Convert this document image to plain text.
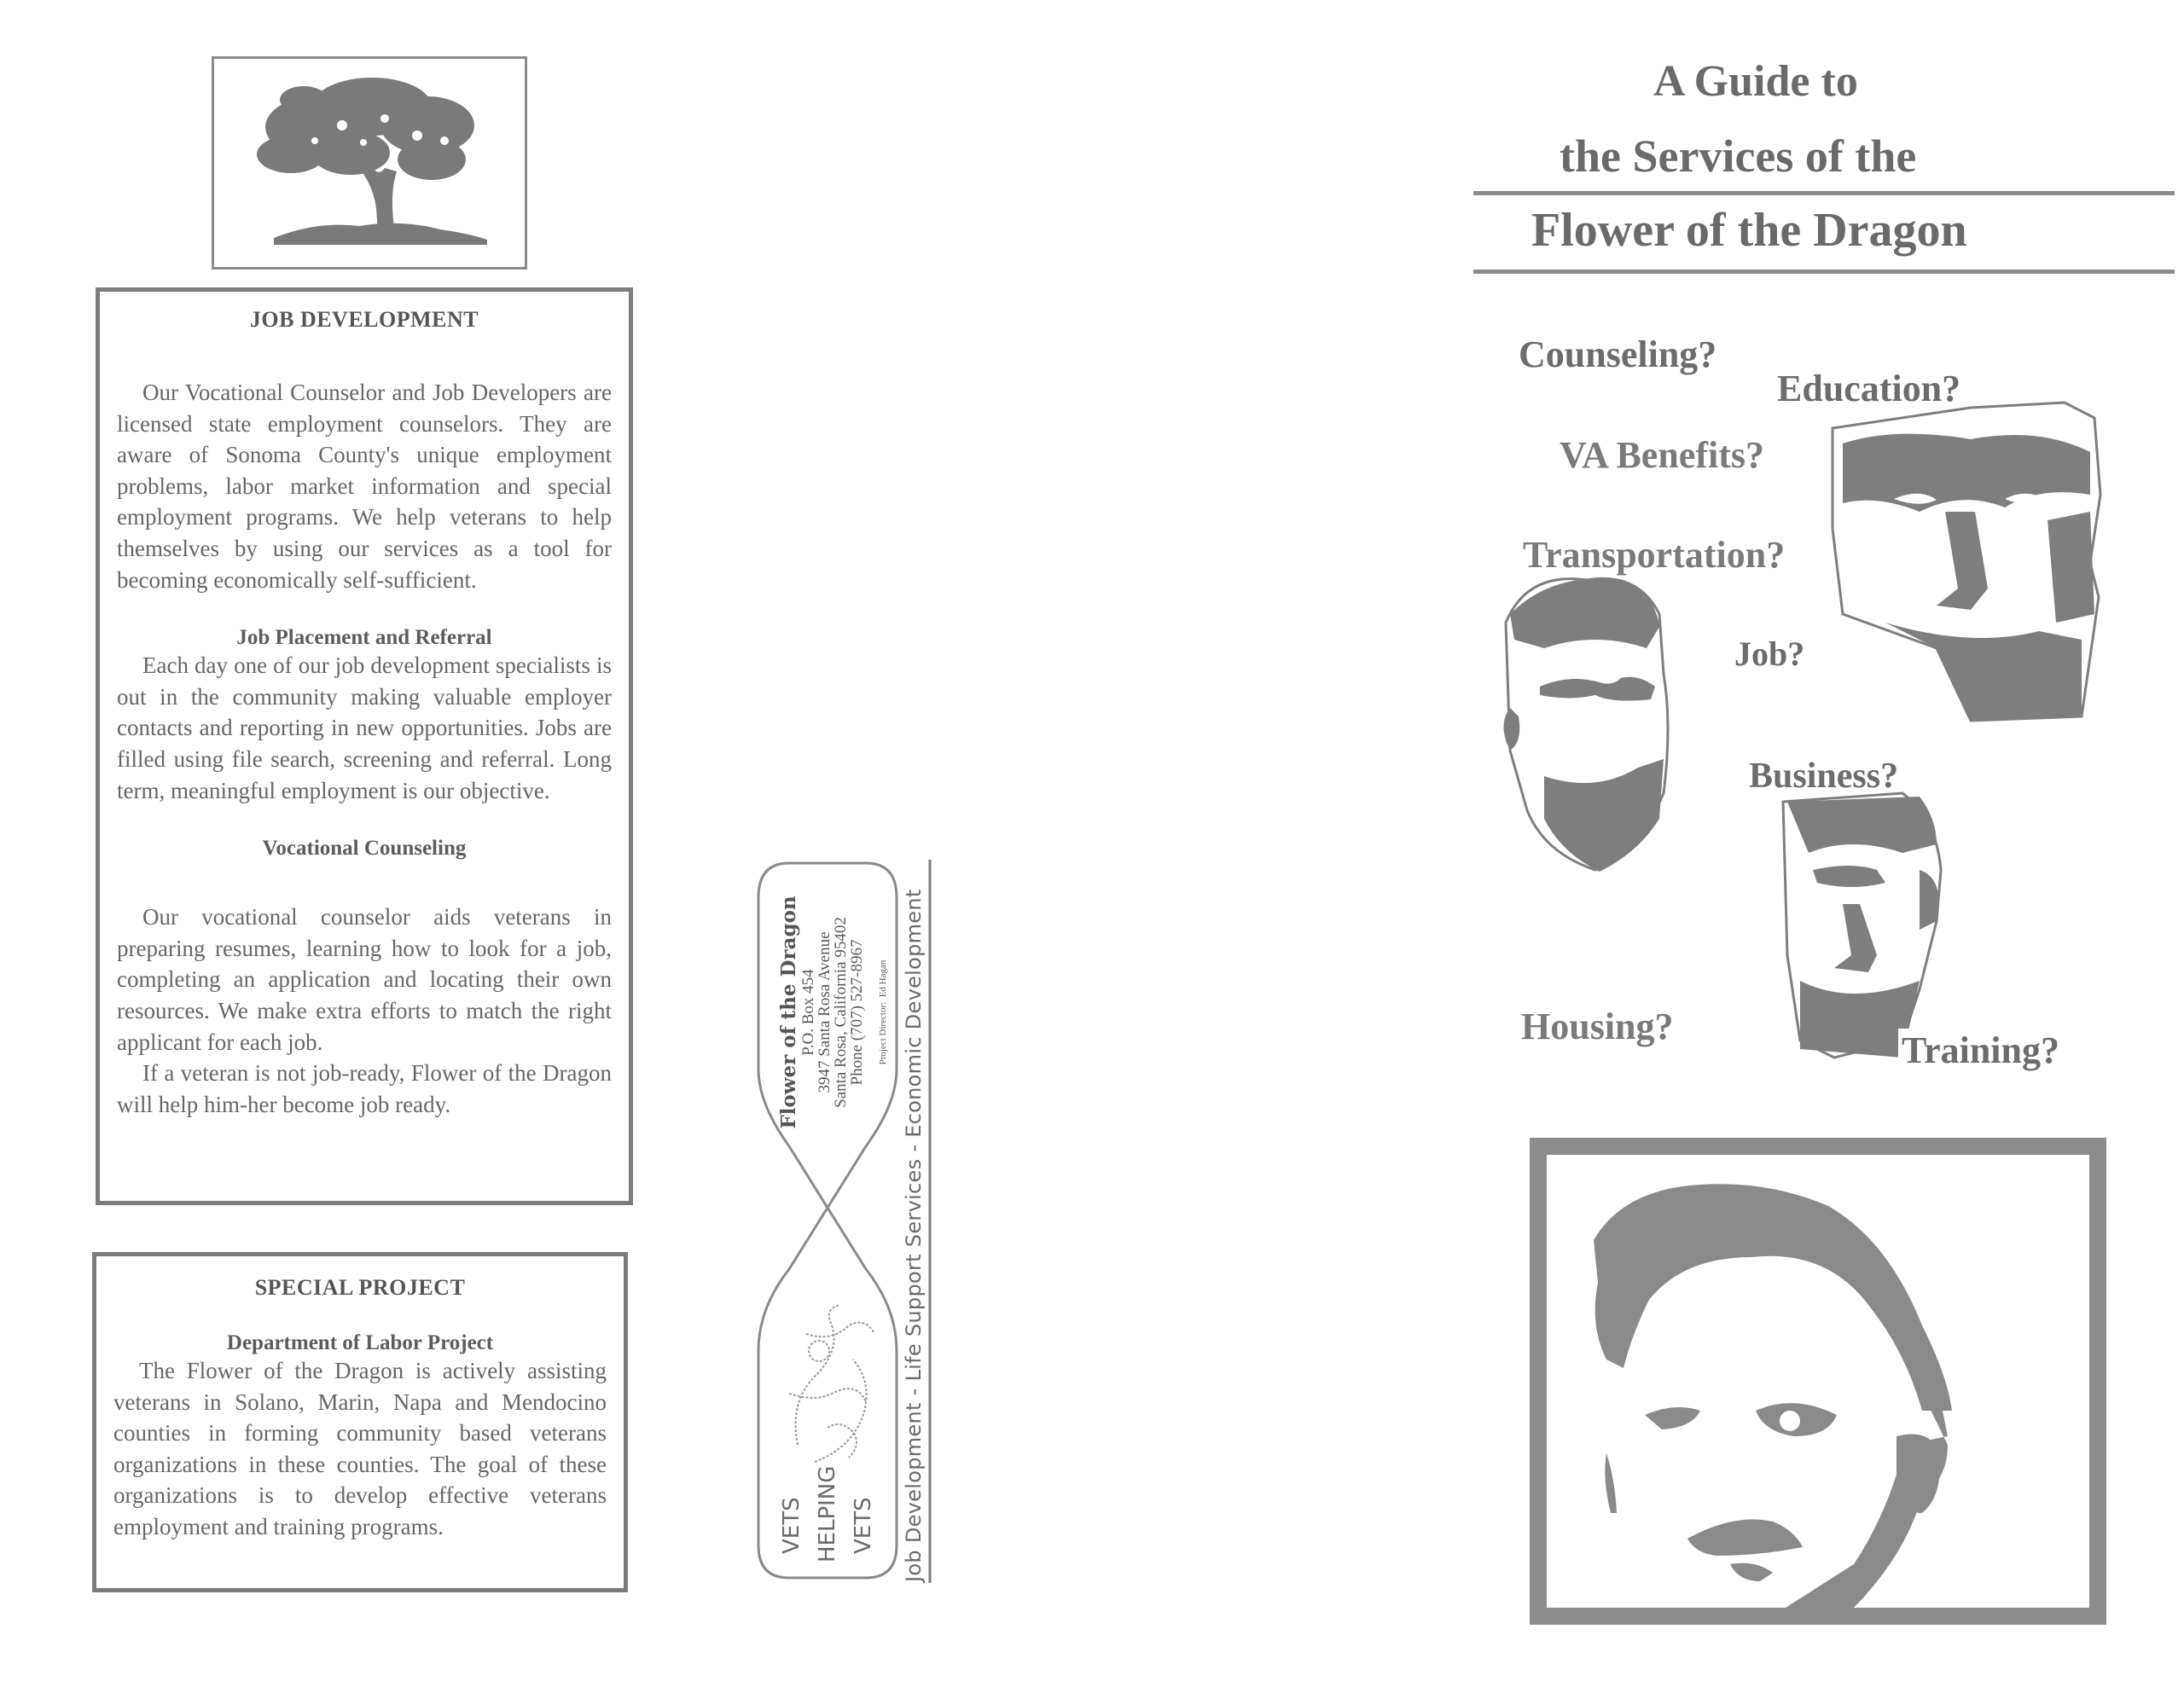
JOB DEVELOPMENT

Our Vocational Counselor and Job Developers are licensed state employment counselors. They are aware of Sonoma County's unique employment problems, labor market information and special employment programs. We help veterans to help themselves by using our services as a tool for becoming economically self-sufficient.

Job Placement and Referral

Each day one of our job development specialists is out in the community making valuable employer contacts and reporting in new opportunities. Jobs are filled using file search, screening and referral. Long term, meaningful employment is our objective.

Vocational Counseling

Our vocational counselor aids veterans in preparing resumes, learning how to look for a job, completing an application and locating their own resources. We make extra efforts to match the right applicant for each job.

If a veteran is not job-ready, Flower of the Dragon will help him-her become job ready.

SPECIAL PROJECT
Department of Labor Project

The Flower of the Dragon is actively assisting veterans in Solano, Marin, Napa and Mendocino counties in forming community based veterans organizations in these counties. The goal of these organizations is to develop effective veterans employment and training programs.

Flower of the Dragon P.O. Box 454
3947 Santa Rosa Avenue
Santa Rosa, California 95402
Phone (707) 527-8967 Project Director:  Ed Hagan
VETS HELPING VETS Job Development - Life Support Services - Economic Development
A Guide to
the Services of the
Flower of the Dragon
Counseling?
Education?
VA Benefits?
Transportation?
Job?
Business?
Housing?
Training?
